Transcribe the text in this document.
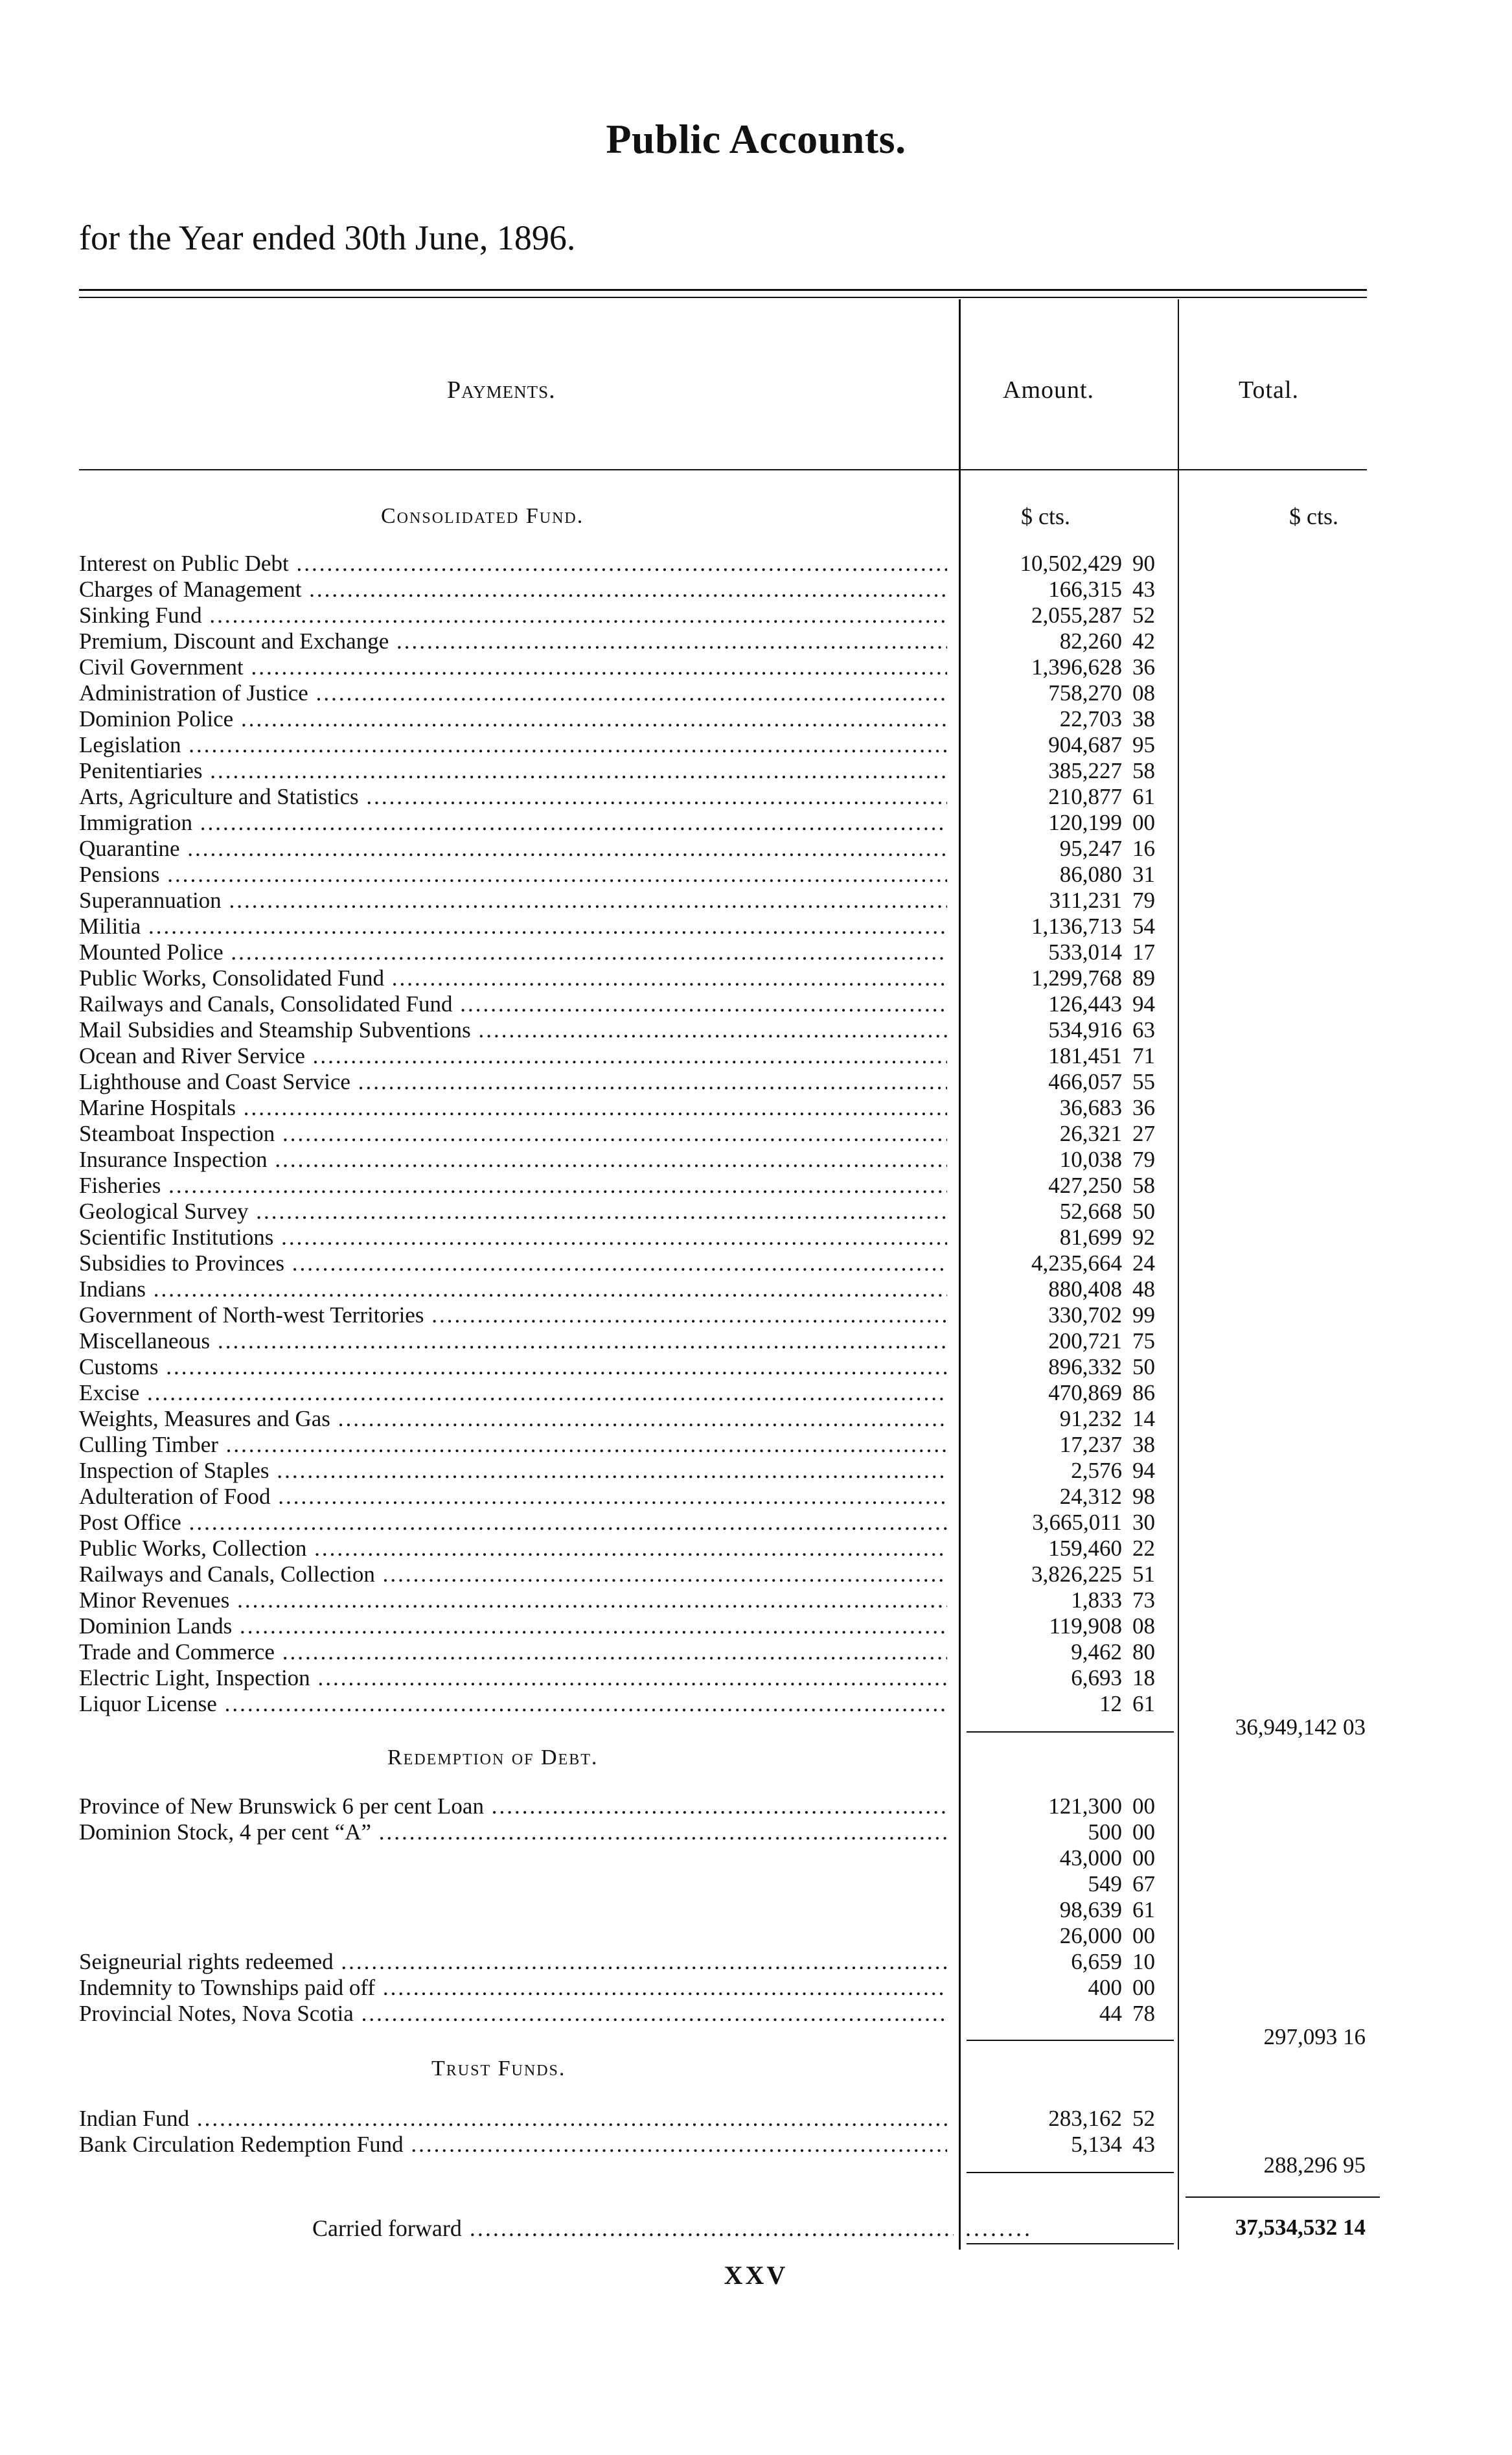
Public Accounts.
for the Year ended 30th June, 1896.
Payments.	Amount.	Total.
Consolidated Fund.	$ cts.	$ cts.
Interest on Public Debt .....	10,502,429 90
Charges of Management .....	166,315 43
Sinking Fund .....	2,055,287 52
Premium, Discount and Exchange .....	82,260 42
Civil Government .....	1,396,628 36
Administration of Justice .....	758,270 08
Dominion Police .....	22,703 38
Legislation .....	904,687 95
Penitentiaries .....	385,227 58
Arts, Agriculture and Statistics .....	210,877 61
Immigration .....	120,199 00
Quarantine .....	95,247 16
Pensions .....	86,080 31
Superannuation .....	311,231 79
Militia .....	1,136,713 54
Mounted Police .....	533,014 17
Public Works, Consolidated Fund .....	1,299,768 89
Railways and Canals, Consolidated Fund .....	126,443 94
Mail Subsidies and Steamship Subventions .....	534,916 63
Ocean and River Service .....	181,451 71
Lighthouse and Coast Service .....	466,057 55
Marine Hospitals .....	36,683 36
Steamboat Inspection .....	26,321 27
Insurance Inspection .....	10,038 79
Fisheries .....	427,250 58
Geological Survey .....	52,668 50
Scientific Institutions .....	81,699 92
Subsidies to Provinces .....	4,235,664 24
Indians .....	880,408 48
Government of North-west Territories .....	330,702 99
Miscellaneous .....	200,721 75
Customs .....	896,332 50
Excise .....	470,869 86
Weights, Measures and Gas .....	91,232 14
Culling Timber .....	17,237 38
Inspection of Staples .....	2,576 94
Adulteration of Food .....	24,312 98
Post Office .....	3,665,011 30
Public Works, Collection .....	159,460 22
Railways and Canals, Collection .....	3,826,225 51
Minor Revenues .....	1,833 73
Dominion Lands .....	119,908 08
Trade and Commerce .....	9,462 80
Electric Light, Inspection .....	6,693 18
Liquor License .....	12 61
36,949,142 03
Redemption of Debt.
Province of New Brunswick 6 per cent Loan .....	121,300 00
Dominion Stock, 4 per cent “A” .....	500 00
43,000 00
549 67
98,639 61
26,000 00
Seigneurial rights redeemed .....	6,659 10
Indemnity to Townships paid off .....	400 00
Provincial Notes, Nova Scotia .....	44 78
297,093 16
Trust Funds.
Indian Fund .....	283,162 52
Bank Circulation Redemption Fund .....	5,134 43
288,296 95
Carried forward .....	........	37,534,532 14
XXV
